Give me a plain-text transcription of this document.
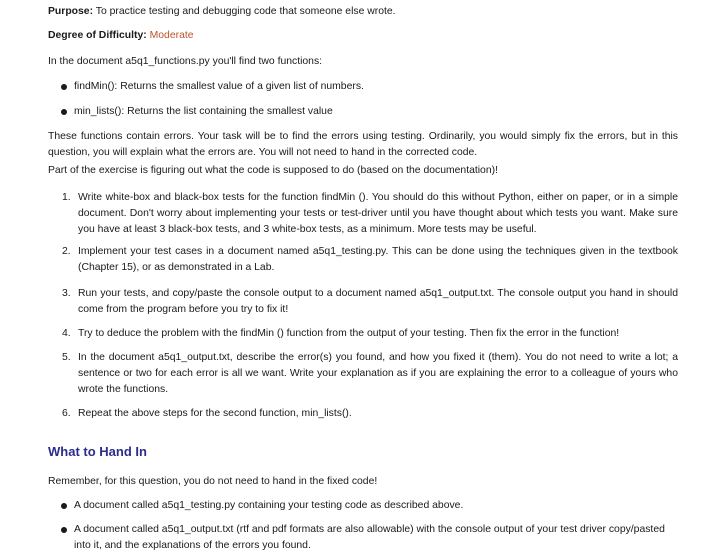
Purpose: To practice testing and debugging code that someone else wrote.

Degree of Difficulty: Moderate

In the document a5q1_functions.py you'll find two functions:

findMin(): Returns the smallest value of a given list of numbers.

min_lists(): Returns the list containing the smallest value

These functions contain errors. Your task will be to find the errors using testing. Ordinarily, you would simply fix the errors, but in this question, you will explain what the errors are. You will not need to hand in the corrected code.

Part of the exercise is figuring out what the code is supposed to do (based on the documentation)!

1. Write white-box and black-box tests for the function findMin (). You should do this without Python, either on paper, or in a simple document. Don't worry about implementing your tests or test-driver until you have thought about which tests you want. Make sure you have at least 3 black-box tests, and 3 white-box tests, as a minimum. More tests may be useful.

2. Implement your test cases in a document named a5q1_testing.py. This can be done using the techniques given in the textbook (Chapter 15), or as demonstrated in a Lab.

3. Run your tests, and copy/paste the console output to a document named a5q1_output.txt. The console output you hand in should come from the program before you try to fix it!

4. Try to deduce the problem with the findMin () function from the output of your testing. Then fix the error in the function!

5. In the document a5q1_output.txt, describe the error(s) you found, and how you fixed it (them). You do not need to write a lot; a sentence or two for each error is all we want. Write your explanation as if you are explaining the error to a colleague of yours who wrote the functions.

6. Repeat the above steps for the second function, min_lists().

What to Hand In

Remember, for this question, you do not need to hand in the fixed code!

A document called a5q1_testing.py containing your testing code as described above.

A document called a5q1_output.txt (rtf and pdf formats are also allowable) with the console output of your test driver copy/pasted into it, and the explanations of the errors you found.
